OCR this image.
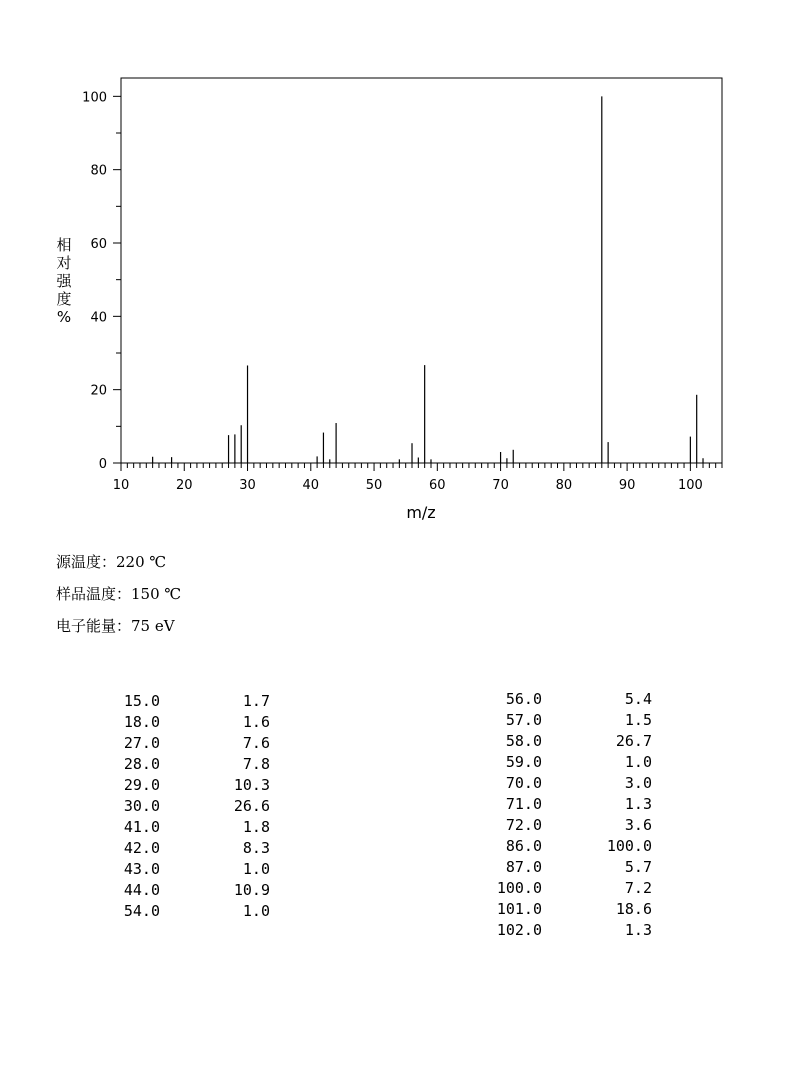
10	20	30	40	50	60	70	80	90	100
0
20
40
60
80
100
m/z
相对强度%
源温度：220 ℃
样品温度：150 ℃
电子能量：75 eV
15.0	1.7
18.0	1.6
27.0	7.6
28.0	7.8
29.0	10.3
30.0	26.6
41.0	1.8
42.0	8.3
43.0	1.0
44.0	10.9
54.0	1.0
56.0	5.4
57.0	1.5
58.0	26.7
59.0	1.0
70.0	3.0
71.0	1.3
72.0	3.6
86.0	100.0
87.0	5.7
100.0	7.2
101.0	18.6
102.0	1.3
